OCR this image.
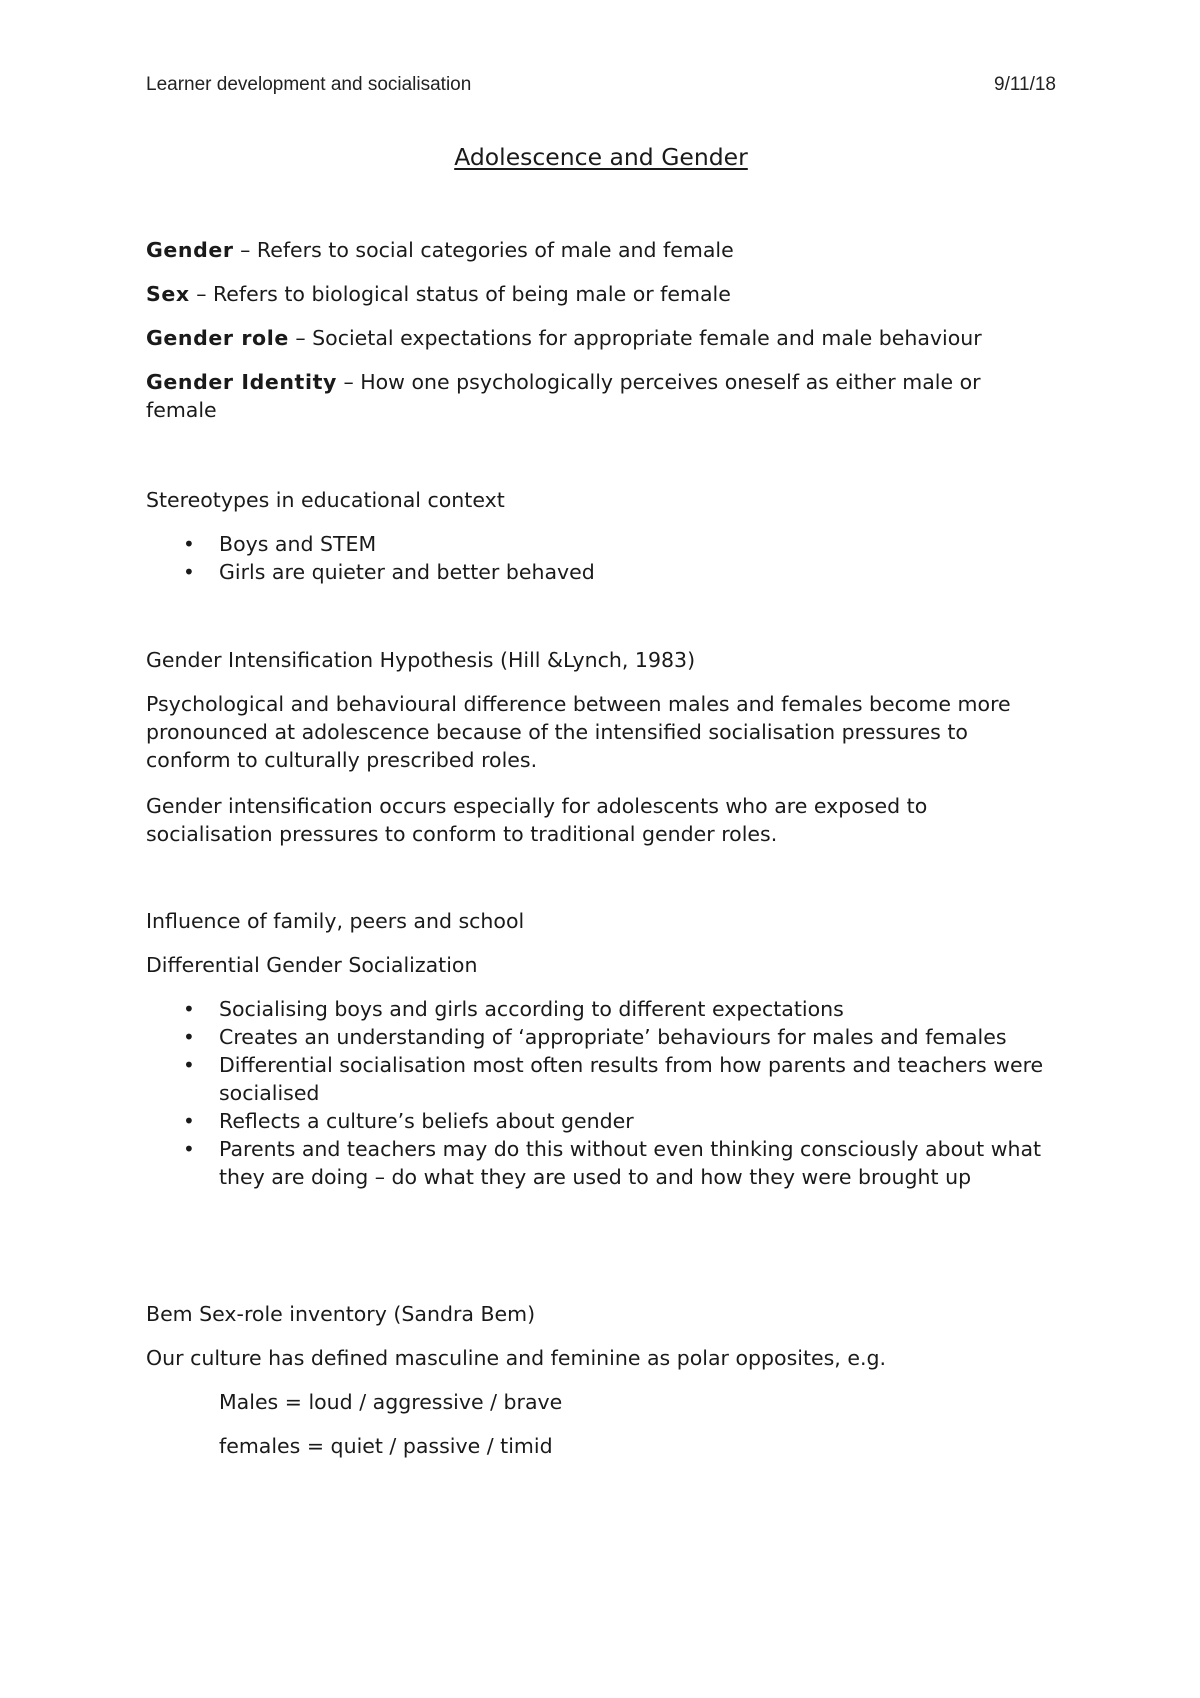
Learner development and socialisation	9/11/18
Adolescence and Gender
Gender – Refers to social categories of male and female
Sex – Refers to biological status of being male or female
Gender role – Societal expectations for appropriate female and male behaviour
Gender Identity – How one psychologically perceives oneself as either male or female
Stereotypes in educational context
• Boys and STEM
• Girls are quieter and better behaved
Gender Intensification Hypothesis (Hill &Lynch, 1983)
Psychological and behavioural difference between males and females become more pronounced at adolescence because of the intensified socialisation pressures to conform to culturally prescribed roles.
Gender intensification occurs especially for adolescents who are exposed to socialisation pressures to conform to traditional gender roles.
Influence of family, peers and school
Differential Gender Socialization
• Socialising boys and girls according to different expectations
• Creates an understanding of ‘appropriate’ behaviours for males and females
• Differential socialisation most often results from how parents and teachers were socialised
• Reflects a culture’s beliefs about gender
• Parents and teachers may do this without even thinking consciously about what they are doing – do what they are used to and how they were brought up
Bem Sex-role inventory (Sandra Bem)
Our culture has defined masculine and feminine as polar opposites, e.g.
Males = loud / aggressive / brave
females = quiet / passive / timid
